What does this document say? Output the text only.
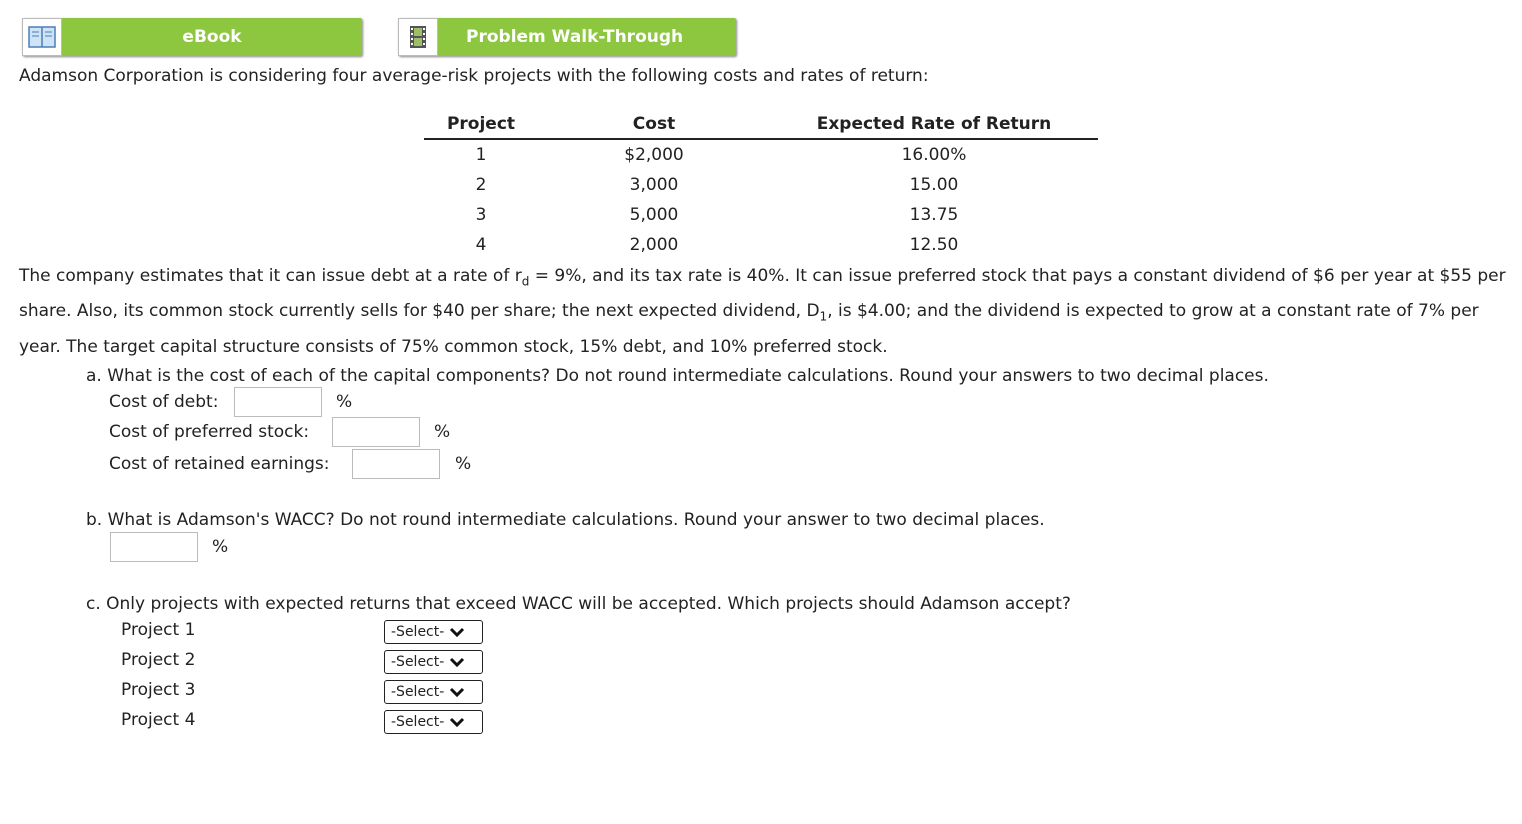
eBook	Problem Walk-Through
Adamson Corporation is considering four average-risk projects with the following costs and rates of return:
Project	Cost	Expected Rate of Return
1	$2,000	16.00%
2	3,000	15.00
3	5,000	13.75
4	2,000	12.50
The company estimates that it can issue debt at a rate of $r_d = 9\%$, and its tax rate is 40%. It can issue preferred stock that pays a constant dividend of $6 per year at $55 per share. Also, its common stock currently sells for $40 per share; the next expected dividend, $D_1$, is $4.00; and the dividend is expected to grow at a constant rate of 7% per year. The target capital structure consists of 75% common stock, 15% debt, and 10% preferred stock.
a. What is the cost of each of the capital components? Do not round intermediate calculations. Round your answers to two decimal places.
Cost of debt:	%
Cost of preferred stock:	%
Cost of retained earnings:	%
b. What is Adamson's WACC? Do not round intermediate calculations. Round your answer to two decimal places.
%
c. Only projects with expected returns that exceed WACC will be accepted. Which projects should Adamson accept?
Project 1	-Select-
Project 2	-Select-
Project 3	-Select-
Project 4	-Select-
